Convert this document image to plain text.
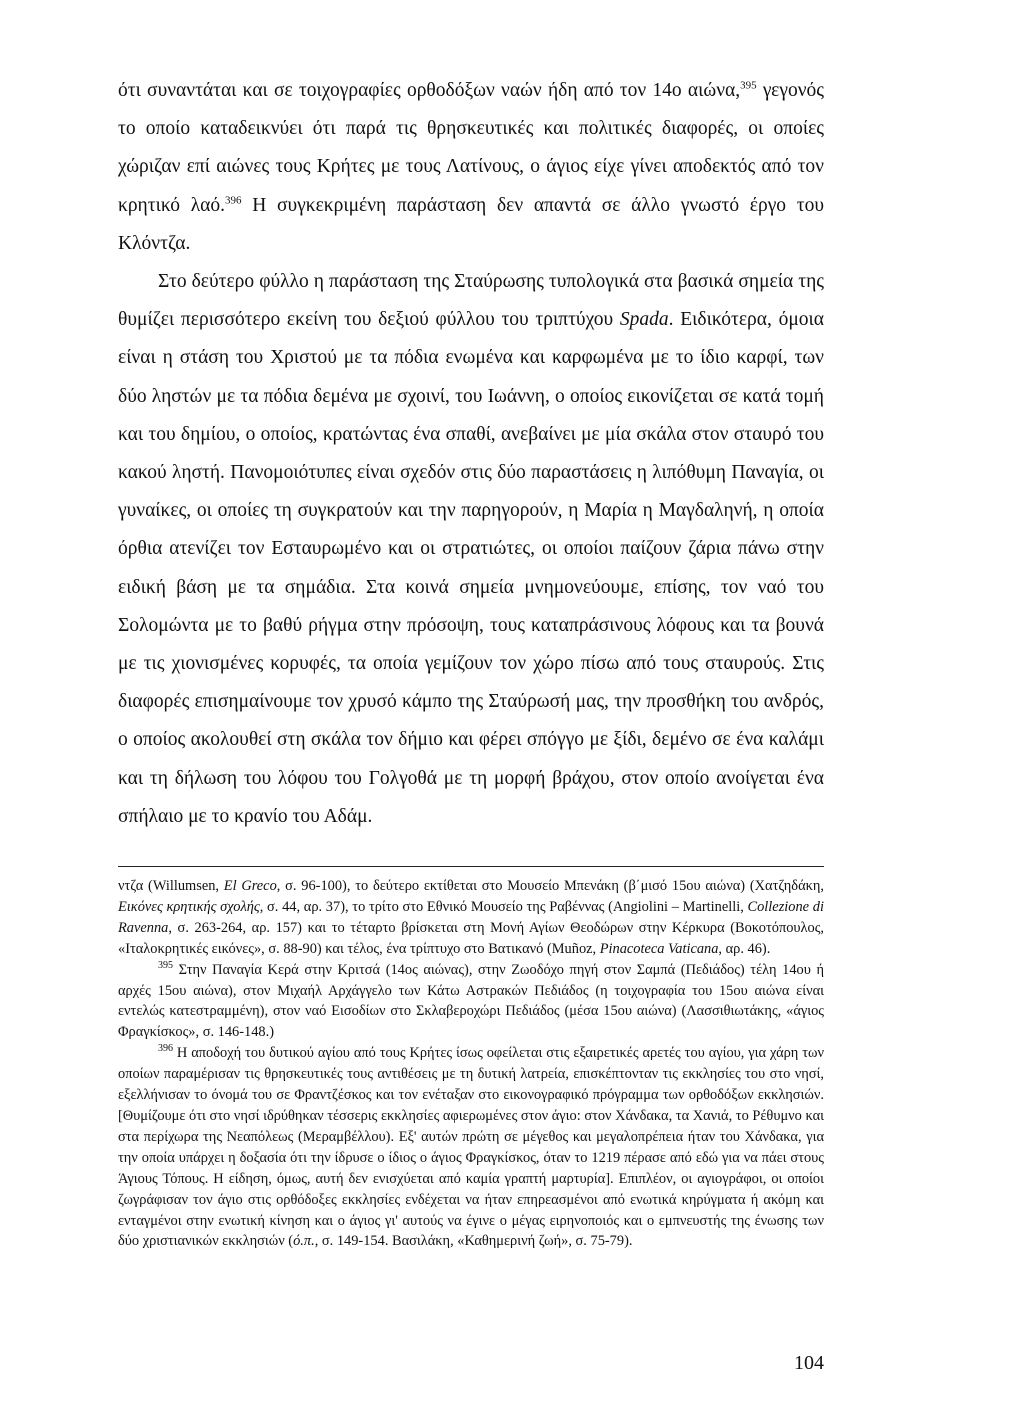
ότι συναντάται και σε τοιχογραφίες ορθοδόξων ναών ήδη από τον 14ο αιώνα,$^{395}$ γεγονός το οποίο καταδεικνύει ότι παρά τις θρησκευτικές και πολιτικές διαφορές, οι οποίες χώριζαν επί αιώνες τους Κρήτες με τους Λατίνους, ο άγιος είχε γίνει αποδεκτός από τον κρητικό λαό.$^{396}$ Η συγκεκριμένη παράσταση δεν απαντά σε άλλο γνωστό έργο του Κλόντζα.

Στο δεύτερο φύλλο η παράσταση της Σταύρωσης τυπολογικά στα βασικά σημεία της θυμίζει περισσότερο εκείνη του δεξιού φύλλου του τριπτύχου Spada. Ειδικότερα, όμοια είναι η στάση του Χριστού με τα πόδια ενωμένα και καρφωμένα με το ίδιο καρφί, των δύο ληστών με τα πόδια δεμένα με σχοινί, του Ιωάννη, ο οποίος εικονίζεται σε κατά τομή και του δημίου, ο οποίος, κρατώντας ένα σπαθί, ανεβαίνει με μία σκάλα στον σταυρό του κακού ληστή. Πανομοιότυπες είναι σχεδόν στις δύο παραστάσεις η λιπόθυμη Παναγία, οι γυναίκες, οι οποίες τη συγκρατούν και την παρηγορούν, η Μαρία η Μαγδαληνή, η οποία όρθια ατενίζει τον Εσταυρωμένο και οι στρατιώτες, οι οποίοι παίζουν ζάρια πάνω στην ειδική βάση με τα σημάδια. Στα κοινά σημεία μνημονεύουμε, επίσης, τον ναό του Σολομώντα με το βαθύ ρήγμα στην πρόσοψη, τους καταπράσινους λόφους και τα βουνά με τις χιονισμένες κορυφές, τα οποία γεμίζουν τον χώρο πίσω από τους σταυρούς. Στις διαφορές επισημαίνουμε τον χρυσό κάμπο της Σταύρωσή μας, την προσθήκη του ανδρός, ο οποίος ακολουθεί στη σκάλα τον δήμιο και φέρει σπόγγο με ξίδι, δεμένο σε ένα καλάμι και τη δήλωση του λόφου του Γολγοθά με τη μορφή βράχου, στον οποίο ανοίγεται ένα σπήλαιο με το κρανίο του Αδάμ.

ντζα (Willumsen, El Greco, σ. 96-100), το δεύτερο εκτίθεται στο Μουσείο Μπενάκη (β΄μισό 15ου αιώνα) (Χατζηδάκη, Εικόνες κρητικής σχολής, σ. 44, αρ. 37), το τρίτο στο Εθνικό Μουσείο της Ραβέννας (Angiolini – Martinelli, Collezione di Ravenna, σ. 263-264, αρ. 157) και το τέταρτο βρίσκεται στη Μονή Αγίων Θεοδώρων στην Κέρκυρα (Βοκοτόπουλος, «Ιταλοκρητικές εικόνες», σ. 88-90) και τέλος, ένα τρίπτυχο στο Βατικανό (Muñoz, Pinacoteca Vaticana, αρ. 46).

$^{395}$ Στην Παναγία Κερά στην Κριτσά (14ος αιώνας), στην Ζωοδόχο πηγή στον Σαμπά (Πεδιάδος) τέλη 14ου ή αρχές 15ου αιώνα), στον Μιχαήλ Αρχάγγελο των Κάτω Αστρακών Πεδιάδος (η τοιχογραφία του 15ου αιώνα είναι εντελώς κατεστραμμένη), στον ναό Εισοδίων στο Σκλαβεροχώρι Πεδιάδος (μέσα 15ου αιώνα) (Λασσιθιωτάκης, «άγιος Φραγκίσκος», σ. 146-148.)

$^{396}$ Η αποδοχή του δυτικού αγίου από τους Κρήτες ίσως οφείλεται στις εξαιρετικές αρετές του αγίου, για χάρη των οποίων παραμέρισαν τις θρησκευτικές τους αντιθέσεις με τη δυτική λατρεία, επισκέπτονταν τις εκκλησίες του στο νησί, εξελλήνισαν το όνομά του σε Φραντζέσκος και τον ενέταξαν στο εικονογραφικό πρόγραμμα των ορθοδόξων εκκλησιών. [Θυμίζουμε ότι στο νησί ιδρύθηκαν τέσσερις εκκλησίες αφιερωμένες στον άγιο: στον Χάνδακα, τα Χανιά, το Ρέθυμνο και στα περίχωρα της Νεαπόλεως (Μεραμβέλλου). Εξ' αυτών πρώτη σε μέγεθος και μεγαλοπρέπεια ήταν του Χάνδακα, για την οποία υπάρχει η δοξασία ότι την ίδρυσε ο ίδιος ο άγιος Φραγκίσκος, όταν το 1219 πέρασε από εδώ για να πάει στους Άγιους Τόπους. Η είδηση, όμως, αυτή δεν ενισχύεται από καμία γραπτή μαρτυρία]. Επιπλέον, οι αγιογράφοι, οι οποίοι ζωγράφισαν τον άγιο στις ορθόδοξες εκκλησίες ενδέχεται να ήταν επηρεασμένοι από ενωτικά κηρύγματα ή ακόμη και ενταγμένοι στην ενωτική κίνηση και ο άγιος γι' αυτούς να έγινε ο μέγας ειρηνοποιός και ο εμπνευστής της ένωσης των δύο χριστιανικών εκκλησιών (ό.π., σ. 149-154. Βασιλάκη, «Καθημερινή ζωή», σ. 75-79).

104
